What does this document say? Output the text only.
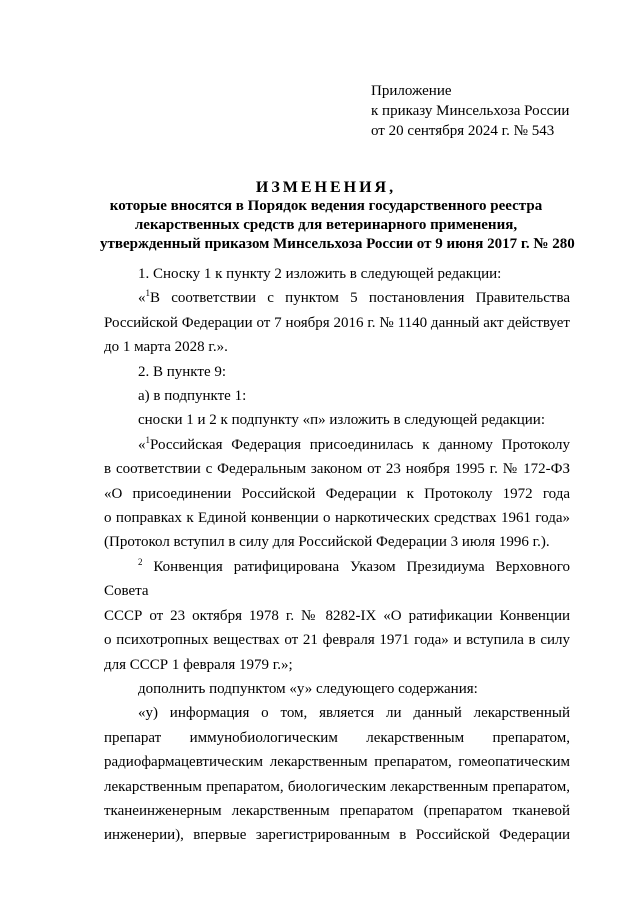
Приложение
к приказу Минсельхоза России
от 20 сентября 2024 г. № 543
ИЗМЕНЕНИЯ,
которые вносятся в Порядок ведения государственного реестра
лекарственных средств для ветеринарного применения,
утвержденный приказом Минсельхоза России от 9 июня 2017 г. № 280

1. Сноску 1 к пункту 2 изложить в следующей редакции:

«$^1$В соответствии с пунктом 5 постановления Правительства
Российской Федерации от 7 ноября 2016 г. № 1140 данный акт действует
до 1 марта 2028 г.».

2. В пункте 9:

а) в подпункте 1:

сноски 1 и 2 к подпункту «п» изложить в следующей редакции:

«$^1$Российская Федерация присоединилась к данному Протоколу
в соответствии с Федеральным законом от 23 ноября 1995 г. № 172-ФЗ
«О присоединении Российской Федерации к Протоколу 1972 года
о поправках к Единой конвенции о наркотических средствах 1961 года»
(Протокол вступил в силу для Российской Федерации 3 июля 1996 г.).

$^2$ Конвенция ратифицирована Указом Президиума Верховного Совета
СССР от 23 октября 1978 г. № 8282-IX «О ратификации Конвенции
о психотропных веществах от 21 февраля 1971 года» и вступила в силу
для СССР 1 февраля 1979 г.»;

дополнить подпунктом «у» следующего содержания:

«у) информация о том, является ли данный лекарственный
препарат иммунобиологическим лекарственным препаратом,
радиофармацевтическим лекарственным препаратом, гомеопатическим
лекарственным препаратом, биологическим лекарственным препаратом,
тканеинженерным лекарственным препаратом (препаратом тканевой
инженерии), впервые зарегистрированным в Российской Федерации
